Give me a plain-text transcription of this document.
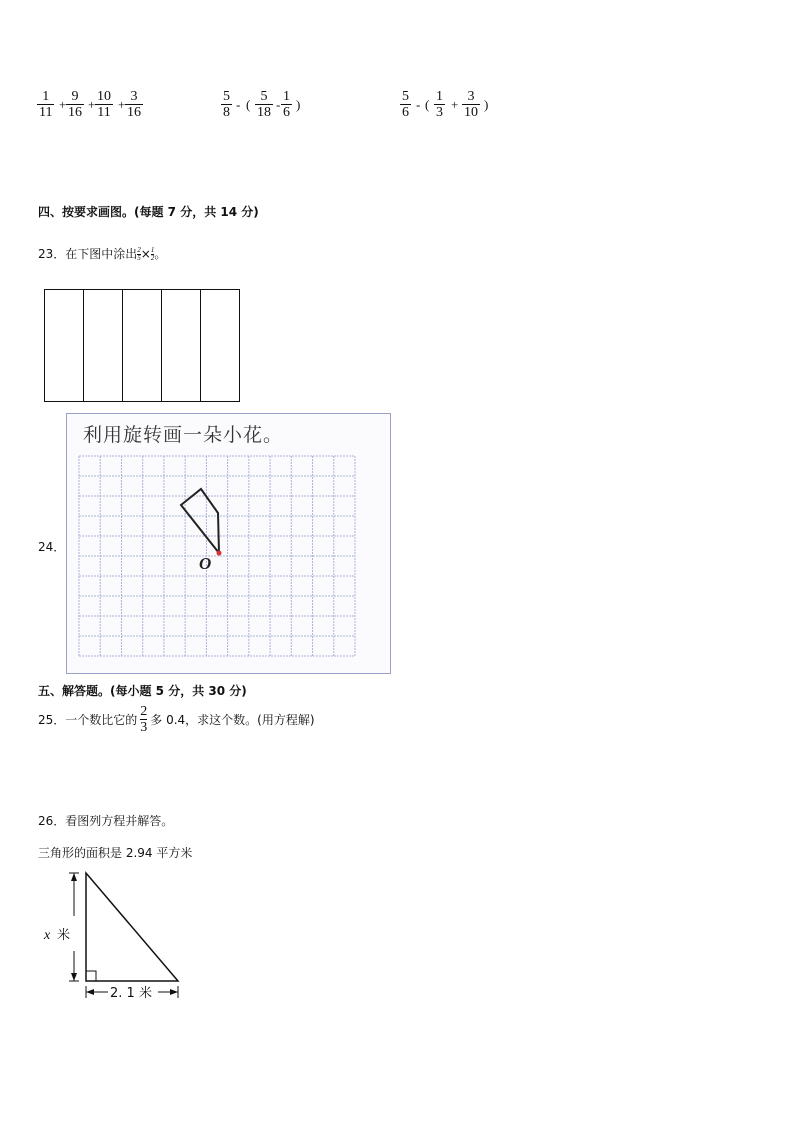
1
11
+
9
16
+
10
11
+
3
16
5
8
- (
5
18
-
1
6
)
5
6
- (
1
3
+
3
10
)
四、按要求画图。(每题 7 分，共 14 分)
23．在下图中涂出 $\frac{2}{5} \times \frac{1}{2}$ 。
24．
利用旋转画一朵小花。
O
五、解答题。(每小题 5 分，共 30 分)
25．一个数比它的
2
3 多 0.4，求这个数。(用方程解)
26．看图列方程并解答。
三角形的面积是 2.94 平方米
x 米
2. 1 米
